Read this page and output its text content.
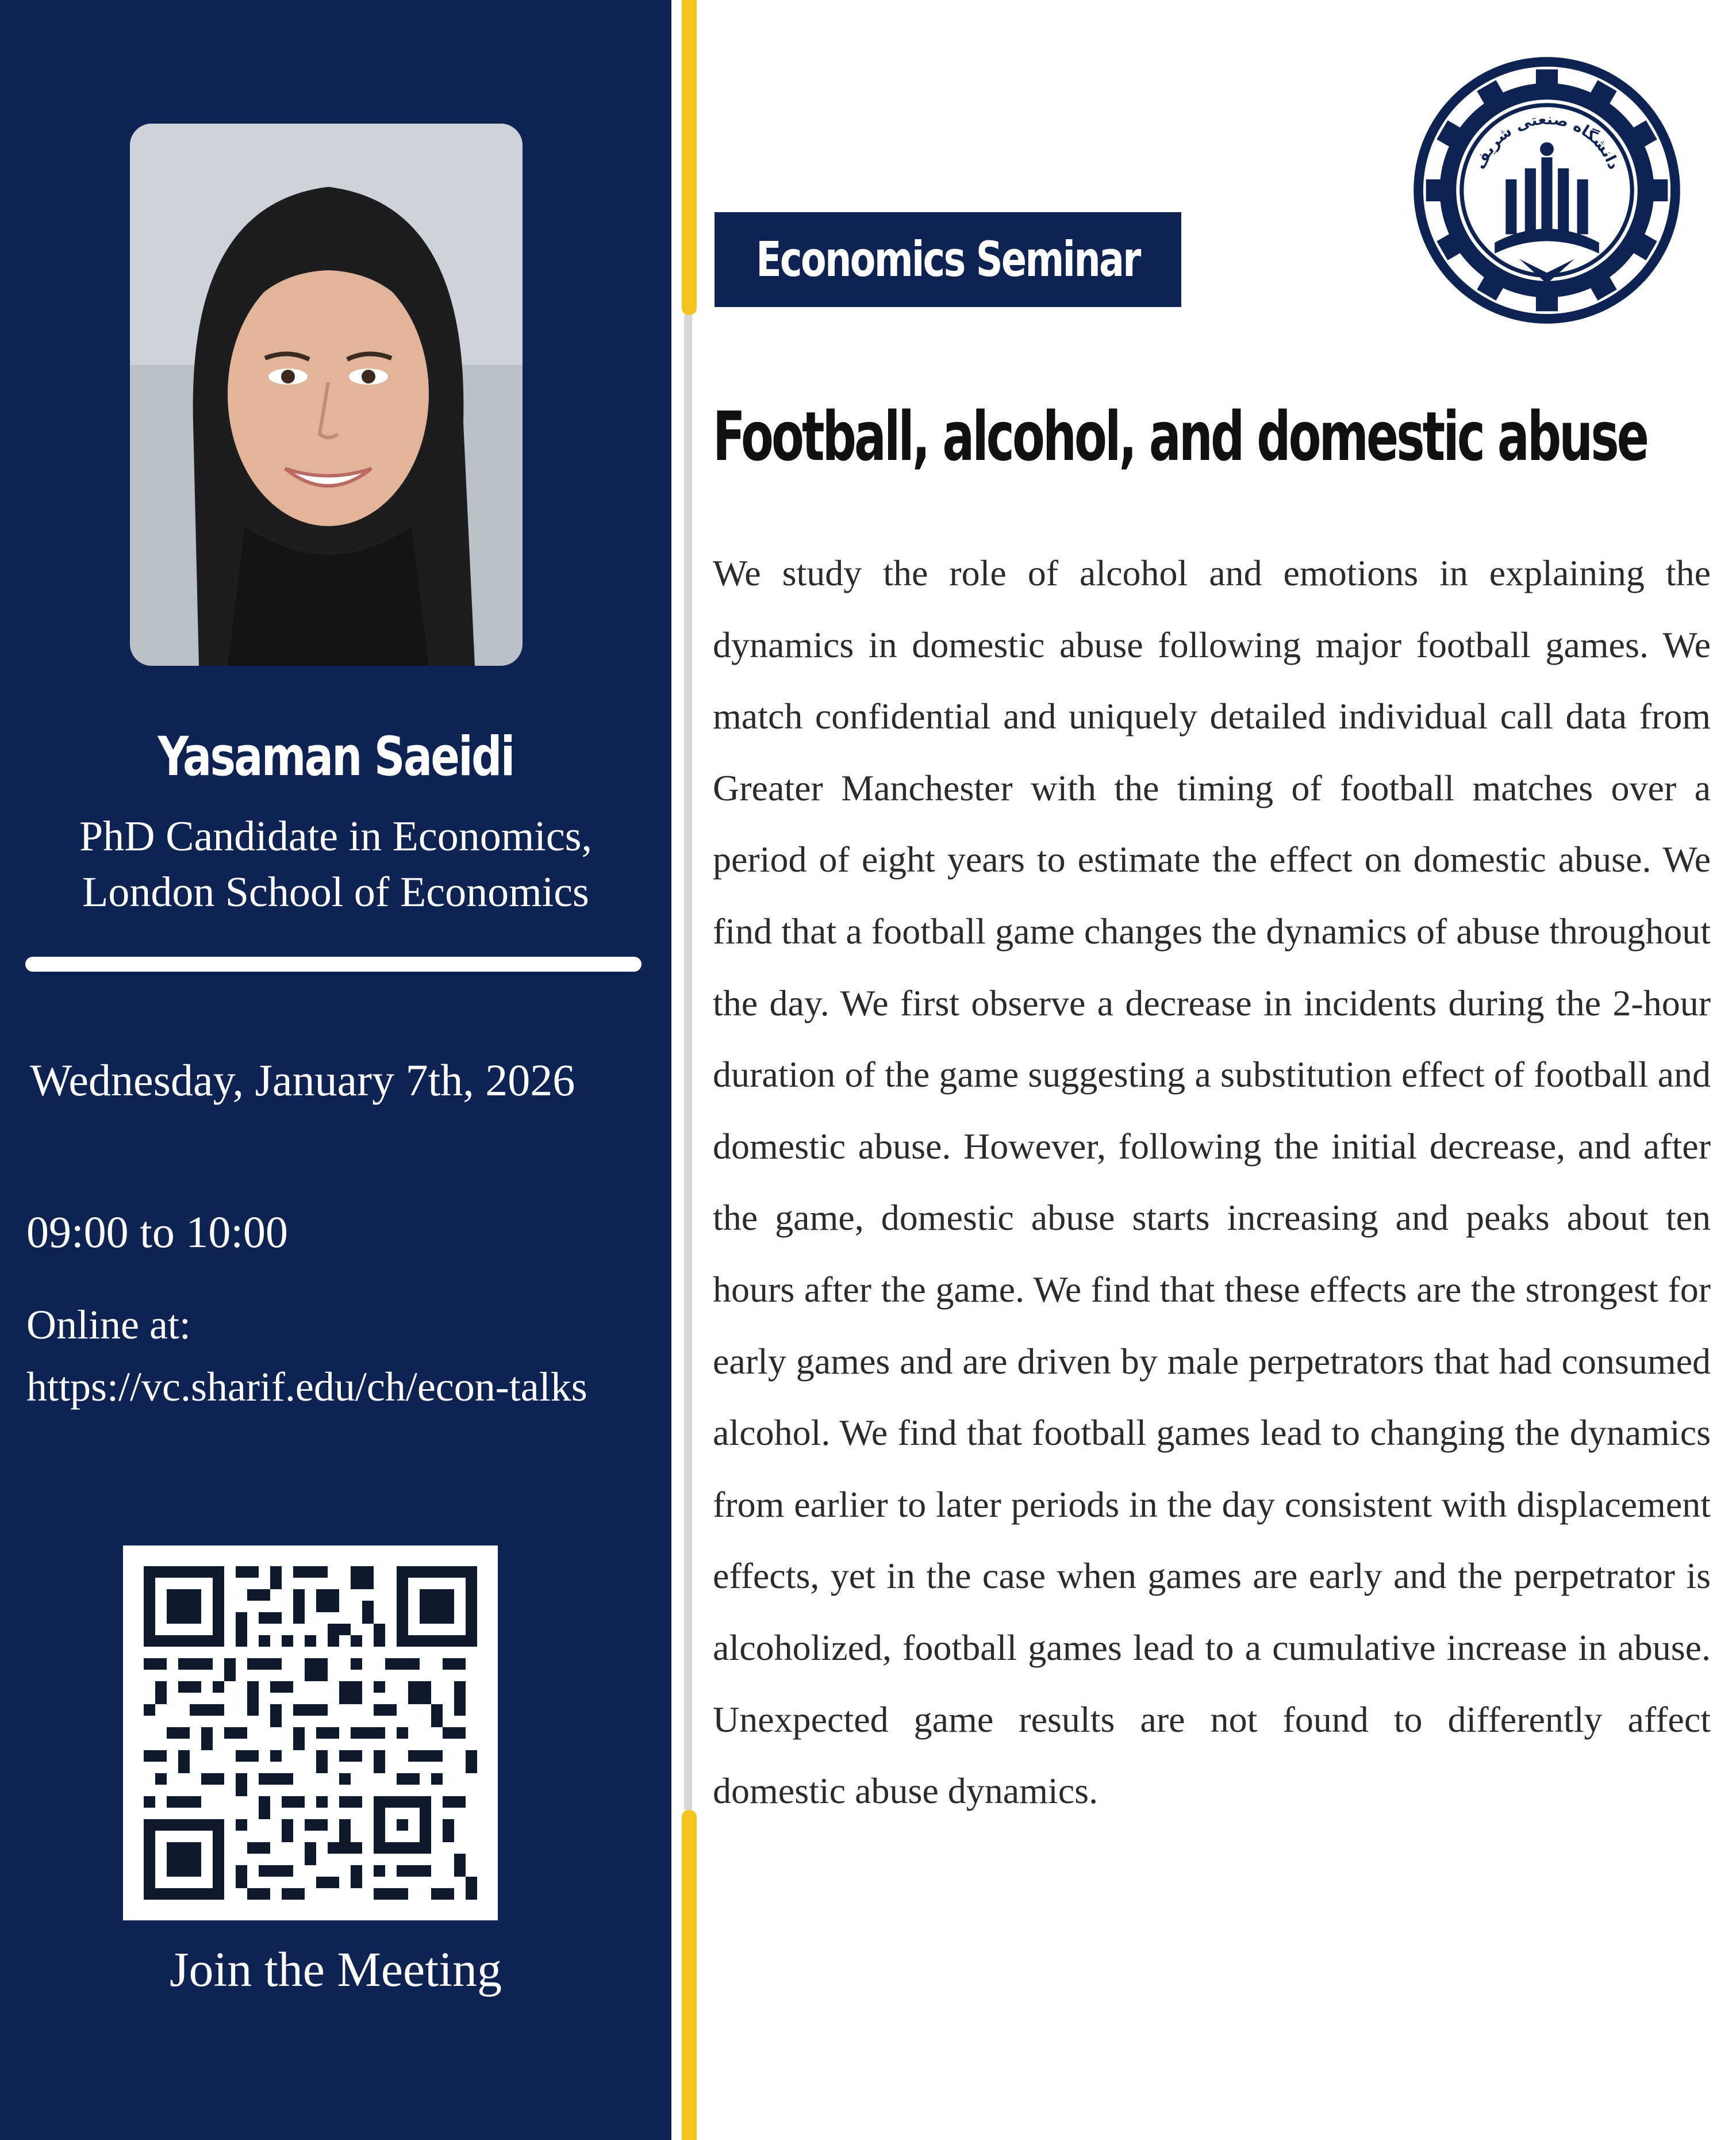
Yasaman Saeidi
PhD Candidate in Economics,
London School of Economics
Wednesday, January 7th, 2026
09:00 to 10:00
Online at:
https://vc.sharif.edu/ch/econ-talks
Join the Meeting
Economics Seminar
دانشگاه صنعتی شریف
Football, alcohol, and domestic abuse

We study the role of alcohol and emotions in explaining the dynamics in domestic abuse following major football games. We match confidential and uniquely detailed individual call data from Greater Manchester with the timing of football matches over a period of eight years to estimate the effect on domestic abuse. We find that a football game changes the dynamics of abuse throughout the day. We first observe a decrease in incidents during the 2-hour duration of the game suggesting a substitution effect of football and domestic abuse. However, following the initial decrease, and after the game, domestic abuse starts increasing and peaks about ten hours after the game. We find that these effects are the strongest for early games and are driven by male perpetrators that had consumed alcohol. We find that football games lead to changing the dynamics from earlier to later periods in the day consistent with displacement effects, yet in the case when games are early and the perpetrator is alcoholized, football games lead to a cumulative increase in abuse. Unexpected game results are not found to differently affect domestic abuse dynamics.
